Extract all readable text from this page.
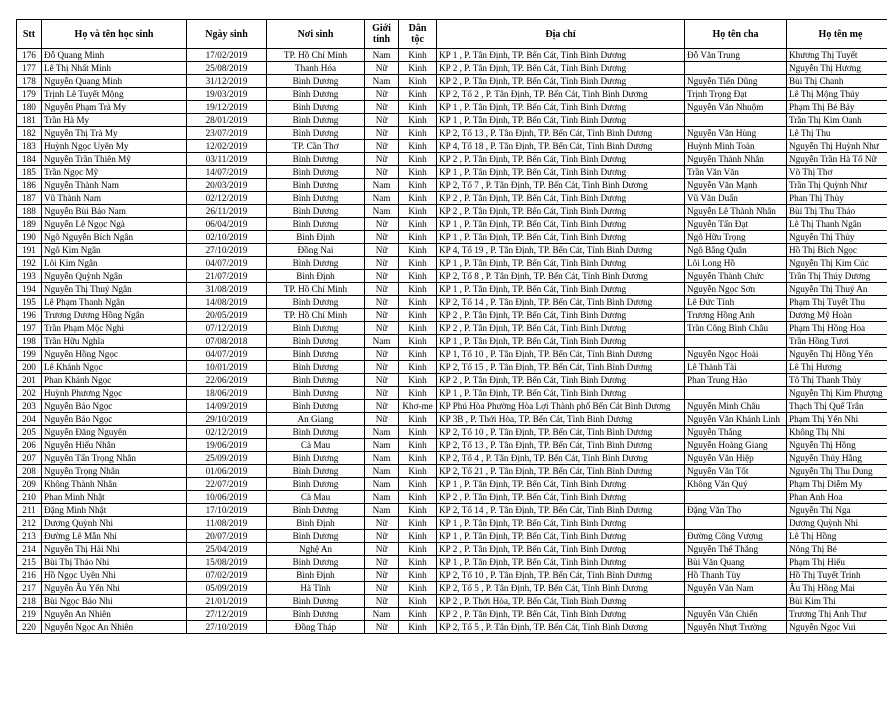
Stt	Họ và tên học sinh	Ngày sinh	Nơi sinh	Giới tính	Dân tộc	Địa chỉ	Họ tên cha	Họ tên mẹ
176	Đỗ Quang Minh	17/02/2019	TP. Hồ Chí Minh	Nam	Kinh	KP 1 , P. Tân Định, TP. Bến Cát, Tỉnh Bình Dương	Đỗ Văn Trung	Khương Thị Tuyết
177	Lê Thị Nhất Minh	25/08/2019	Thanh Hóa	Nữ	Kinh	KP 2 , P. Tân Định, TP. Bến Cát, Tỉnh Bình Dương		Nguyễn Thị Hương
178	Nguyễn Quang Minh	31/12/2019	Bình Dương	Nam	Kinh	KP 2 , P. Tân Định, TP. Bến Cát, Tỉnh Bình Dương	Nguyễn Tiến Dũng	Bùi Thị Chanh
179	Trịnh Lê Tuyết Mộng	19/03/2019	Bình Dương	Nữ	Kinh	KP 2, Tổ 2 , P. Tân Định, TP. Bến Cát, Tỉnh Bình Dương	Trịnh Trọng Đạt	Lê Thị Mộng Thúy
180	Nguyễn Phạm Trà My	19/12/2019	Bình Dương	Nữ	Kinh	KP 1 , P. Tân Định, TP. Bến Cát, Tỉnh Bình Dương	Nguyễn Văn Nhuộm	Phạm Thị Bé Bảy
181	Trần Hà My	28/01/2019	Bình Dương	Nữ	Kinh	KP 1 , P. Tân Định, TP. Bến Cát, Tỉnh Bình Dương		Trần Thị Kim Oanh
182	Nguyễn Thị Trà My	23/07/2019	Bình Dương	Nữ	Kinh	KP 2, Tổ 13 , P. Tân Định, TP. Bến Cát, Tỉnh Bình Dương	Nguyễn Văn Hùng	Lê Thị Thu
183	Huỳnh Ngọc Uyên My	12/02/2019	TP. Cần Thơ	Nữ	Kinh	KP 4, Tổ 18 , P. Tân Định, TP. Bến Cát, Tỉnh Bình Dương	Huỳnh Minh Toàn	Nguyễn Thị Huỳnh Như
184	Nguyễn Trần Thiên Mỹ	03/11/2019	Bình Dương	Nữ	Kinh	KP 2 , P. Tân Định, TP. Bến Cát, Tỉnh Bình Dương	Nguyễn Thành Nhân	Nguyễn Trần Hà Tố Nữ
185	Trần Ngọc Mỹ	14/07/2019	Bình Dương	Nữ	Kinh	KP 1 , P. Tân Định, TP. Bến Cát, Tỉnh Bình Dương	Trần Văn Văn	Võ Thị Thơ
186	Nguyễn Thành Nam	20/03/2019	Bình Dương	Nam	Kinh	KP 2, Tổ 7 , P. Tân Định, TP. Bến Cát, Tỉnh Bình Dương	Nguyễn Văn Mạnh	Trần Thị Quỳnh Như
187	Vũ Thành Nam	02/12/2019	Bình Dương	Nam	Kinh	KP 2 , P. Tân Định, TP. Bến Cát, Tỉnh Bình Dương	Vũ Văn Duẩn	Phan Thị Thủy
188	Nguyễn Bùi Bảo Nam	26/11/2019	Bình Dương	Nam	Kinh	KP 2 , P. Tân Định, TP. Bến Cát, Tỉnh Bình Dương	Nguyễn Lê Thành Nhân	Bùi Thị Thu Thảo
189	Nguyễn Lê Ngọc Ngà	06/04/2019	Bình Dương	Nữ	Kinh	KP 1 , P. Tân Định, TP. Bến Cát, Tỉnh Bình Dương	Nguyễn Tấn Đạt	Lê Thị Thanh Ngân
190	Ngô Nguyễn Bích Ngân	02/10/2019	Bình Định	Nữ	Kinh	KP 1 , P. Tân Định, TP. Bến Cát, Tỉnh Bình Dương	Ngô Hữu Trọng	Nguyễn Thị Thủy
191	Ngô Kim Ngân	27/10/2019	Đồng Nai	Nữ	Kinh	KP 4, Tổ 19 , P. Tân Định, TP. Bến Cát, Tỉnh Bình Dương	Ngô Bằng Quân	Hồ Thị Bích Ngọc
192	Lôi Kim Ngân	04/07/2019	Bình Dương	Nữ	Kinh	KP 1 , P. Tân Định, TP. Bến Cát, Tỉnh Bình Dương	Lôi Long Hồ	Nguyễn Thị Kim Cúc
193	Nguyễn Quỳnh Ngân	21/07/2019	Bình Định	Nữ	Kinh	KP 2, Tổ 8 , P. Tân Định, TP. Bến Cát, Tỉnh Bình Dương	Nguyễn Thành Chức	Trần Thị Thúy Dương
194	Nguyễn Thị Thuý Ngân	31/08/2019	TP. Hồ Chí Minh	Nữ	Kinh	KP 1 , P. Tân Định, TP. Bến Cát, Tỉnh Bình Dương	Nguyễn Ngọc Sơn	Nguyễn Thị Thuý An
195	Lê Phạm Thanh Ngân	14/08/2019	Bình Dương	Nữ	Kinh	KP 2, Tổ 14 , P. Tân Định, TP. Bến Cát, Tỉnh Bình Dương	Lê Đức Tính	Phạm Thị Tuyết Thu
196	Trương Dương Hồng Ngân	20/05/2019	TP. Hồ Chí Minh	Nữ	Kinh	KP 2 , P. Tân Định, TP. Bến Cát, Tỉnh Bình Dương	Trương Hồng Anh	Dương Mỹ Hoàn
197	Trần Phạm Mộc Nghi	07/12/2019	Bình Dương	Nữ	Kinh	KP 2 , P. Tân Định, TP. Bến Cát, Tỉnh Bình Dương	Trần Công Bình Châu	Phạm Thị Hồng Hoa
198	Trần Hữu Nghĩa	07/08/2018	Bình Dương	Nam	Kinh	KP 1 , P. Tân Định, TP. Bến Cát, Tỉnh Bình Dương		Trần Hồng Tươi
199	Nguyễn Hồng Ngọc	04/07/2019	Bình Dương	Nữ	Kinh	KP 1, Tổ 10 , P. Tân Định, TP. Bến Cát, Tỉnh Bình Dương	Nguyễn Ngọc Hoài	Nguyễn Thị Hồng Yến
200	Lê Khánh Ngọc	10/01/2019	Bình Dương	Nữ	Kinh	KP 2, Tổ 15 , P. Tân Định, TP. Bến Cát, Tỉnh Bình Dương	Lê Thành Tài	Lê Thị Hương
201	Phan Khánh Ngọc	22/06/2019	Bình Dương	Nữ	Kinh	KP 2 , P. Tân Định, TP. Bến Cát, Tỉnh Bình Dương	Phan Trung Hào	Tô Thị Thanh Thủy
202	Huỳnh Phương Ngọc	18/06/2019	Bình Dương	Nữ	Kinh	KP 1 , P. Tân Định, TP. Bến Cát, Tỉnh Bình Dương		Nguyễn Thị Kim Phượng
203	Nguyễn Bảo Ngọc	14/09/2019	Bình Dương	Nữ	Khơ-me	KP Phú Hòa Phường Hòa Lợi Thành phố Bến Cát Bình Dương	Nguyễn Minh Châu	Thạch Thị Quế Trân
204	Nguyễn Bảo Ngọc	29/10/2019	An Giang	Nữ	Kinh	KP 3B , P. Thới Hòa, TP. Bến Cát, Tỉnh Bình Dương	Nguyễn Văn Khánh Linh	Phạm Thị Yến Nhi
205	Nguyễn Đăng Nguyên	02/12/2019	Bình Dương	Nam	Kinh	KP 2, Tổ 10 , P. Tân Định, TP. Bến Cát, Tỉnh Bình Dương	Nguyễn Thắng	Không Thị Nhi
206	Nguyễn Hiếu Nhân	19/06/2019	Cà Mau	Nam	Kinh	KP 2, Tổ 13 , P. Tân Định, TP. Bến Cát, Tỉnh Bình Dương	Nguyễn Hoàng Giang	Nguyễn Thị Hồng
207	Nguyễn Tấn Trọng Nhân	25/09/2019	Bình Dương	Nam	Kinh	KP 2, Tổ 4 , P. Tân Định, TP. Bến Cát, Tỉnh Bình Dương	Nguyễn Văn Hiệp	Nguyễn Thúy Hằng
208	Nguyễn Trọng Nhân	01/06/2019	Bình Dương	Nam	Kinh	KP 2, Tổ 21 , P. Tân Định, TP. Bến Cát, Tỉnh Bình Dương	Nguyễn Văn Tốt	Nguyễn Thị Thu Dung
209	Không Thành Nhân	22/07/2019	Bình Dương	Nam	Kinh	KP 1 , P. Tân Định, TP. Bến Cát, Tỉnh Bình Dương	Không Văn Quý	Phạm Thị Diễm My
210	Phan Minh Nhật	10/06/2019	Cà Mau	Nam	Kinh	KP 2 , P. Tân Định, TP. Bến Cát, Tỉnh Bình Dương		Phan Anh Hoa
211	Đặng Minh Nhật	17/10/2019	Bình Dương	Nam	Kinh	KP 2, Tổ 14 , P. Tân Định, TP. Bến Cát, Tỉnh Bình Dương	Đặng Văn Thọ	Nguyễn Thị Nga
212	Dương Quỳnh Nhi	11/08/2019	Bình Định	Nữ	Kinh	KP 1 , P. Tân Định, TP. Bến Cát, Tỉnh Bình Dương		Dương Quỳnh Nhi
213	Đường Lê Mẫn Nhi	20/07/2019	Bình Dương	Nữ	Kinh	KP 1 , P. Tân Định, TP. Bến Cát, Tỉnh Bình Dương	Đường Công Vượng	Lê Thị Hồng
214	Nguyễn Thị Hải Nhi	25/04/2019	Nghệ An	Nữ	Kinh	KP 2 , P. Tân Định, TP. Bến Cát, Tỉnh Bình Dương	Nguyễn Thế Thắng	Nông Thị Bé
215	Bùi Thị Thảo Nhi	15/08/2019	Bình Dương	Nữ	Kinh	KP 1 , P. Tân Định, TP. Bến Cát, Tỉnh Bình Dương	Bùi Văn Quang	Phạm Thị Hiếu
216	Hồ Ngọc Uyên Nhi	07/02/2019	Bình Định	Nữ	Kinh	KP 2, Tổ 10 , P. Tân Định, TP. Bến Cát, Tỉnh Bình Dương	Hồ Thanh Tùy	Hồ Thị Tuyết Trinh
217	Nguyễn Âu Yến Nhi	05/09/2019	Hà Tĩnh	Nữ	Kinh	KP 2, Tổ 5 , P. Tân Định, TP. Bến Cát, Tỉnh Bình Dương	Nguyễn Văn Nam	Âu Thị Hồng Mai
218	Bùi Ngọc Bảo Nhi	21/01/2019	Bình Dương	Nữ	Kinh	KP 2 , P. Thới Hòa, TP. Bến Cát, Tỉnh Bình Dương		Bùi Kim Thi
219	Nguyễn An Nhiên	27/12/2019	Bình Dương	Nam	Kinh	KP 2 , P. Tân Định, TP. Bến Cát, Tỉnh Bình Dương	Nguyễn Văn Chiến	Trương Thị Anh Thư
220	Nguyễn Ngọc An Nhiên	27/10/2019	Đồng Tháp	Nữ	Kinh	KP 2, Tổ 5 , P. Tân Định, TP. Bến Cát, Tỉnh Bình Dương	Nguyễn Nhựt Trường	Nguyễn Ngọc Vui
